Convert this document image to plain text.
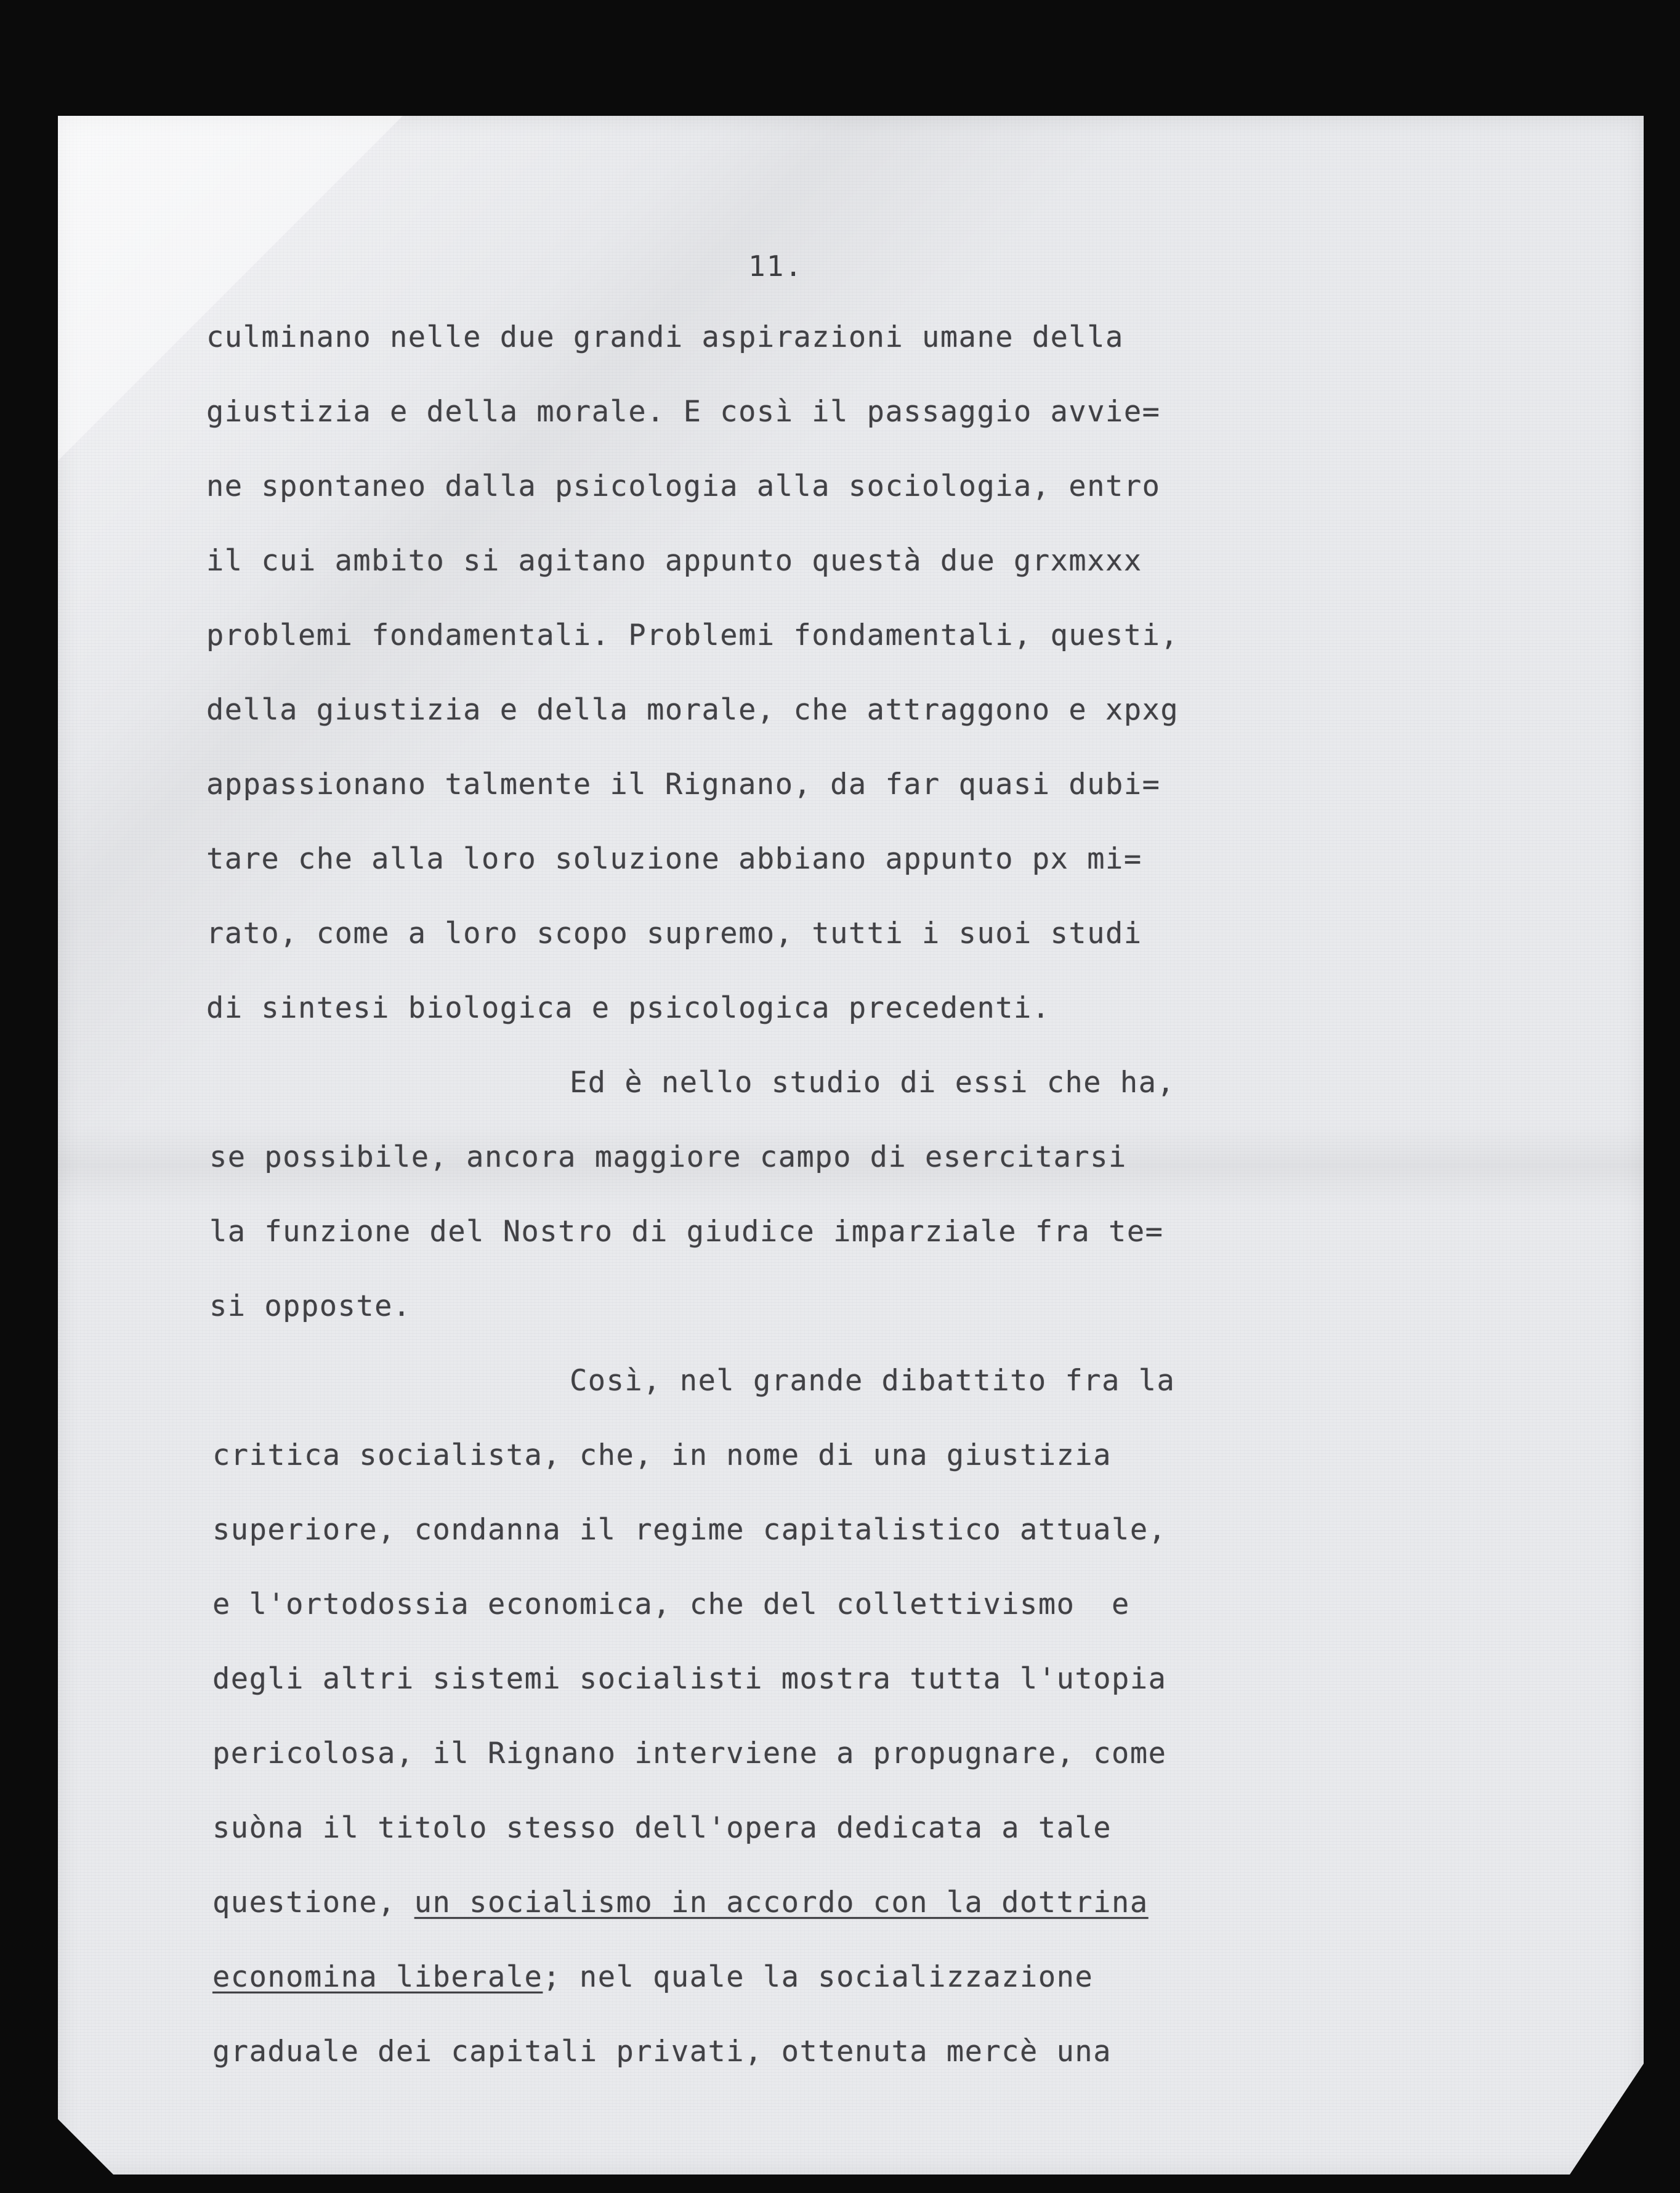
11.
culminano nelle due grandi aspirazioni umane della
giustizia e della morale. E così il passaggio avvie=
ne spontaneo dalla psicologia alla sociologia, entro
il cui ambito si agitano appunto questà due grxmxxx
problemi fondamentali. Problemi fondamentali, questi,
della giustizia e della morale, che attraggono e xpxg
appassionano talmente il Rignano, da far quasi dubi=
tare che alla loro soluzione abbiano appunto px mi=
rato, come a loro scopo supremo, tutti i suoi studi
di sintesi biologica e psicologica precedenti.
Ed è nello studio di essi che ha,
se possibile, ancora maggiore campo di esercitarsi
la funzione del Nostro di giudice imparziale fra te=
si opposte.
Così, nel grande dibattito fra la
critica socialista, che, in nome di una giustizia
superiore, condanna il regime capitalistico attuale,
e l'ortodossia economica, che del collettivismo  e
degli altri sistemi socialisti mostra tutta l'utopia
pericolosa, il Rignano interviene a propugnare, come
suòna il titolo stesso dell'opera dedicata a tale
questione, un socialismo in accordo con la dottrina
economina liberale; nel quale la socializzazione
graduale dei capitali privati, ottenuta mercè una
